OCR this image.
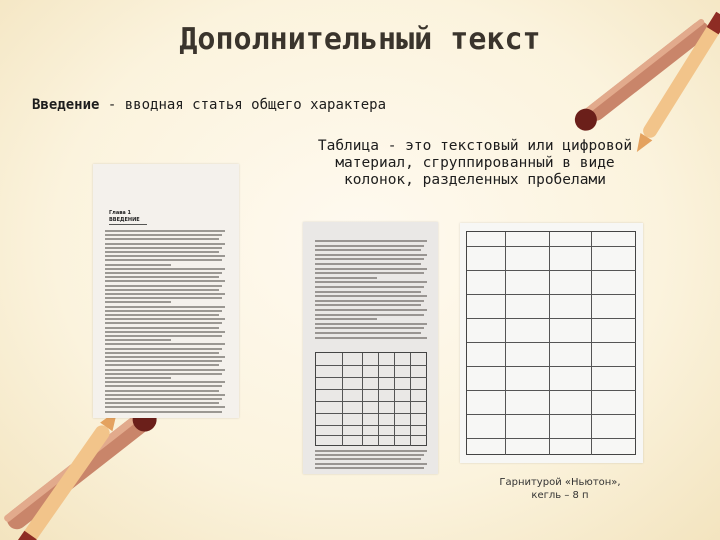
Дополнительный текст
Введение - вводная статья общего характера
Таблица - это текстовый или цифровой
материал, сгруппированный в виде
колонок, разделенных пробелами
Глава 1
ВВЕДЕНИЕ
Гарнитурой «Ньютон»,
кегль – 8 п
